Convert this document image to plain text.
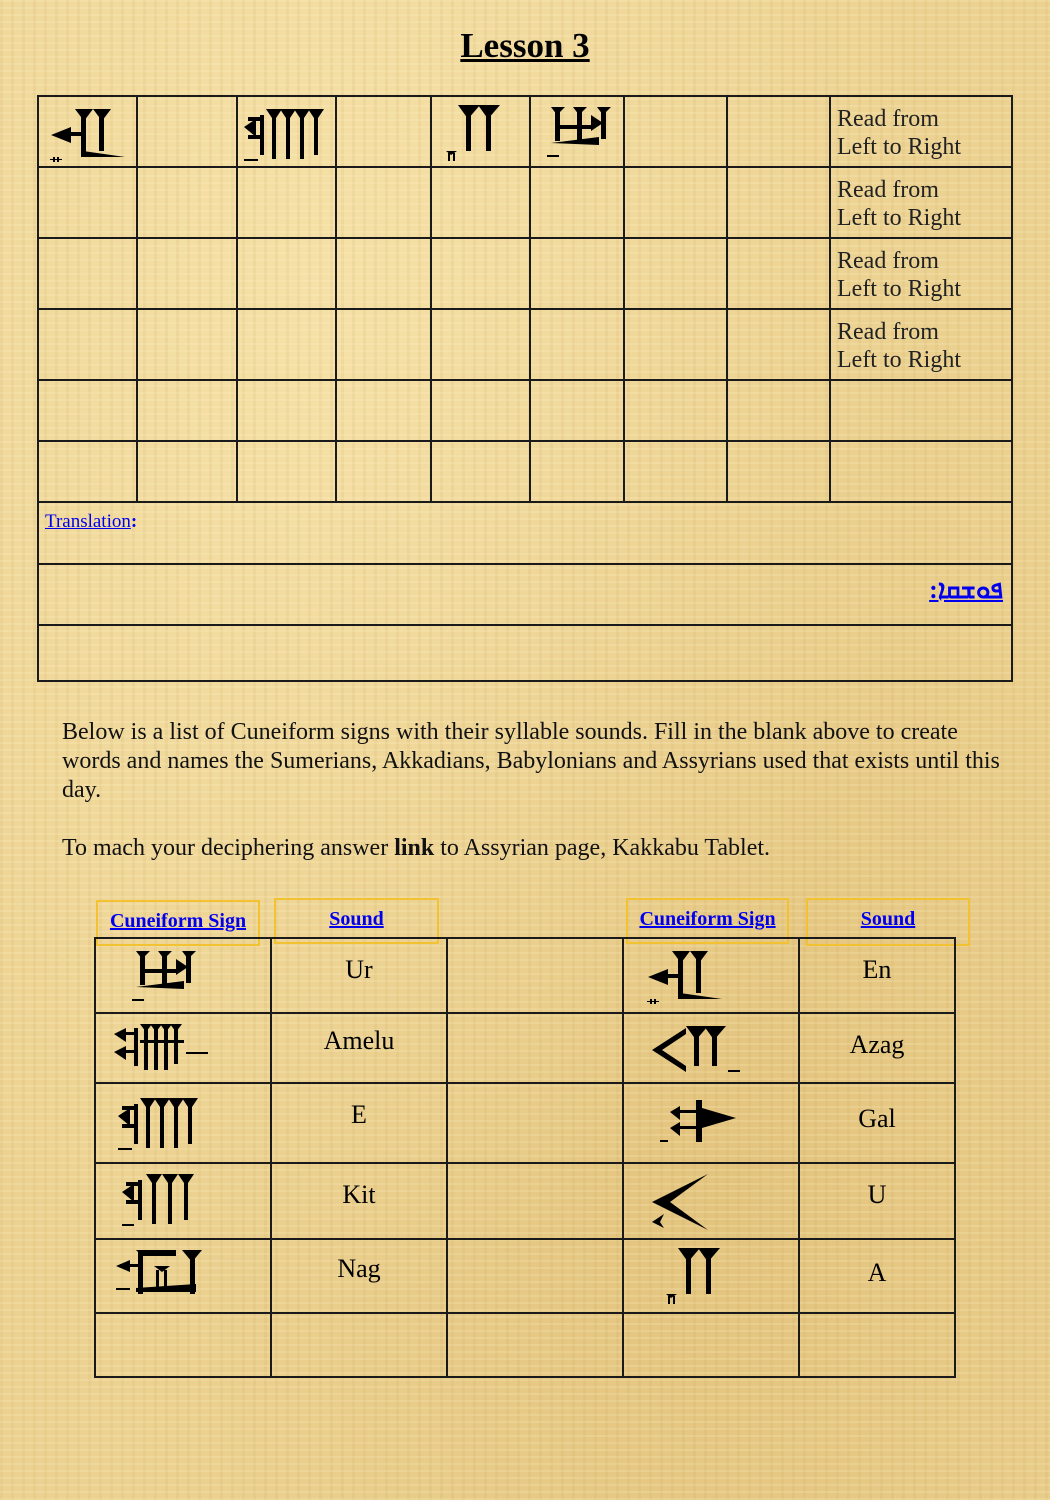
Lesson 3

			Read from
Left to Right
								Read from
Left to Right
								Read from
Left to Right
								Read from
Left to Right

Translation:
ܦܘܫܩܐ:

Below is a list of Cuneiform signs with their syllable sounds. Fill in the blank above to create words and names the Sumerians, Akkadians, Babylonians and Assyrians used that exists until this day.

To mach your deciphering answer link to Assyrian page, Kakkabu Tablet.

Cuneiform Sign	Sound	Cuneiform Sign	Sound

Ur			En

Amelu			Azag

E			Gal

Kit			U

Nag			A
